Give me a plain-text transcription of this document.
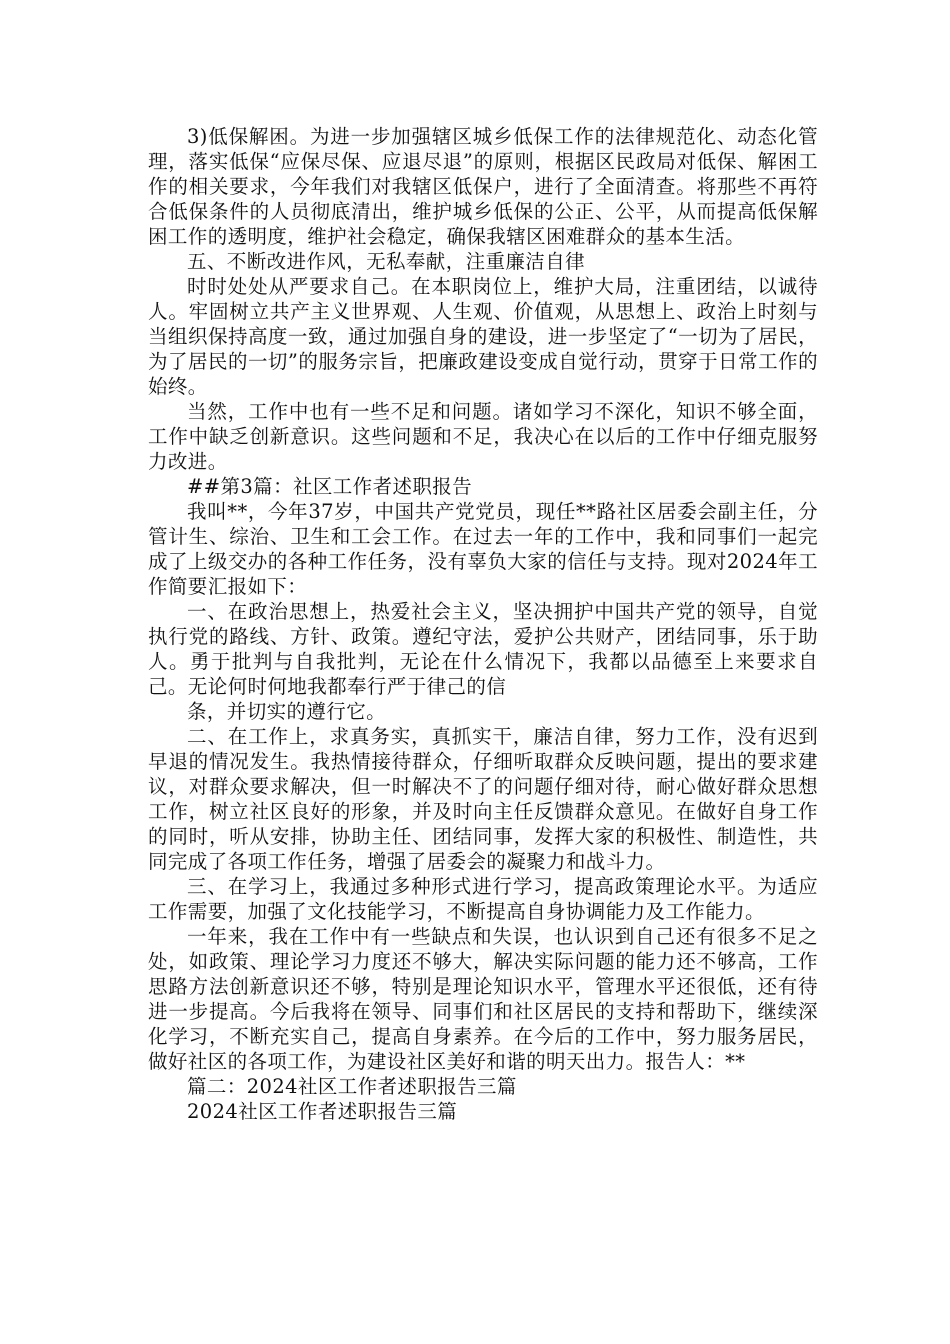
3)低保解困。为进一步加强辖区城乡低保工作的法律规范化、动态化管理，落实低保“应保尽保、应退尽退”的原则，根据区民政局对低保、解困工作的相关要求，今年我们对我辖区低保户，进行了全面清查。将那些不再符合低保条件的人员彻底清出，维护城乡低保的公正、公平，从而提高低保解困工作的透明度，维护社会稳定，确保我辖区困难群众的基本生活。

五、不断改进作风，无私奉献，注重廉洁自律

时时处处从严要求自己。在本职岗位上，维护大局，注重团结，以诚待人。牢固树立共产主义世界观、人生观、价值观，从思想上、政治上时刻与当组织保持高度一致，通过加强自身的建设，进一步坚定了“一切为了居民，为了居民的一切”的服务宗旨，把廉政建设变成自觉行动，贯穿于日常工作的始终。

当然，工作中也有一些不足和问题。诸如学习不深化，知识不够全面，工作中缺乏创新意识。这些问题和不足，我决心在以后的工作中仔细克服努力改进。

##第3篇：社区工作者述职报告

我叫**，今年37岁，中国共产党党员，现任**路社区居委会副主任，分管计生、综治、卫生和工会工作。在过去一年的工作中，我和同事们一起完成了上级交办的各种工作任务，没有辜负大家的信任与支持。现对2024年工作简要汇报如下：

一、在政治思想上，热爱社会主义，坚决拥护中国共产党的领导，自觉执行党的路线、方针、政策。遵纪守法，爱护公共财产，团结同事，乐于助人。勇于批判与自我批判，无论在什么情况下，我都以品德至上来要求自己。无论何时何地我都奉行严于律己的信

条，并切实的遵行它。

二、在工作上，求真务实，真抓实干，廉洁自律，努力工作，没有迟到早退的情况发生。我热情接待群众，仔细听取群众反映问题，提出的要求建议，对群众要求解决，但一时解决不了的问题仔细对待，耐心做好群众思想工作，树立社区良好的形象，并及时向主任反馈群众意见。在做好自身工作的同时，听从安排，协助主任、团结同事，发挥大家的积极性、制造性，共同完成了各项工作任务，增强了居委会的凝聚力和战斗力。

三、在学习上，我通过多种形式进行学习，提高政策理论水平。为适应工作需要，加强了文化技能学习，不断提高自身协调能力及工作能力。

一年来，我在工作中有一些缺点和失误，也认识到自己还有很多不足之处，如政策、理论学习力度还不够大，解决实际问题的能力还不够高，工作思路方法创新意识还不够，特别是理论知识水平，管理水平还很低，还有待进一步提高。今后我将在领导、同事们和社区居民的支持和帮助下，继续深化学习，不断充实自己，提高自身素养。在今后的工作中，努力服务居民，做好社区的各项工作，为建设社区美好和谐的明天出力。报告人：**

篇二：2024社区工作者述职报告三篇

2024社区工作者述职报告三篇
